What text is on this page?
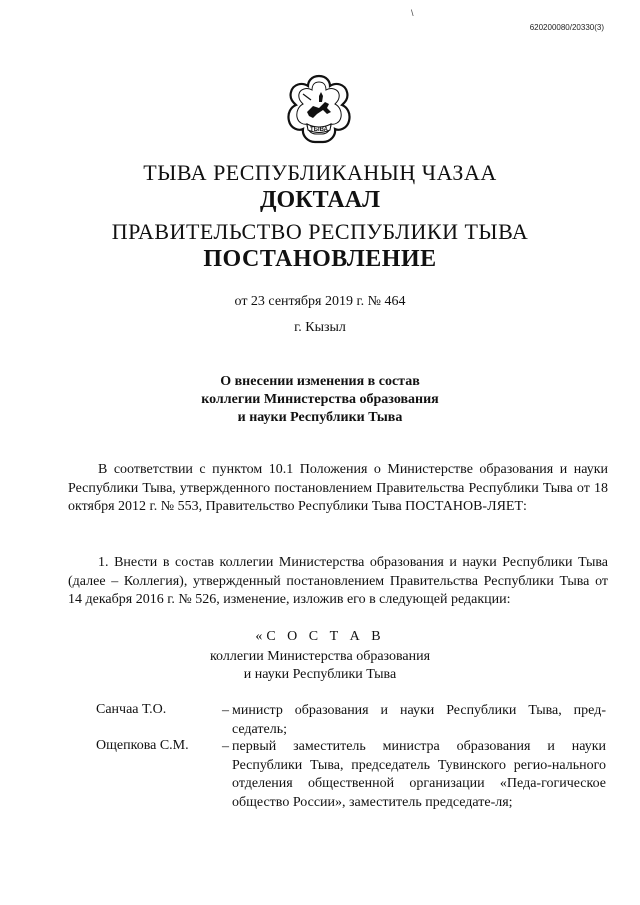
\
620200080/20330(3)
ТЫВА
ТЫВА РЕСПУБЛИКАНЫҢ ЧАЗАА
ДОКТААЛ
ПРАВИТЕЛЬСТВО РЕСПУБЛИКИ ТЫВА
ПОСТАНОВЛЕНИЕ
от 23 сентября 2019 г. № 464
г. Кызыл
О внесении изменения в состав
коллегии Министерства образования
и науки Республики Тыва
В соответствии с пунктом 10.1 Положения о Министерстве образования и науки Республики Тыва, утвержденного постановлением Правительства Республики Тыва от 18 октября 2012 г. № 553, Правительство Республики Тыва ПОСТАНОВ-ЛЯЕТ:
1. Внести в состав коллегии Министерства образования и науки Республики Тыва (далее – Коллегия), утвержденный постановлением Правительства Республики Тыва от 14 декабря 2016 г. № 526, изменение, изложив его в следующей редакции:
«С О С Т А В
коллегии Министерства образования
и науки Республики Тыва
Санчаа Т.О.	– министр образования и науки Республики Тыва, пред-седатель;
Ощепкова С.М. – первый заместитель министра образования и науки Республики Тыва, председатель Тувинского регио-нального отделения общественной организации «Педа-гогическое общество России», заместитель председате-ля;
